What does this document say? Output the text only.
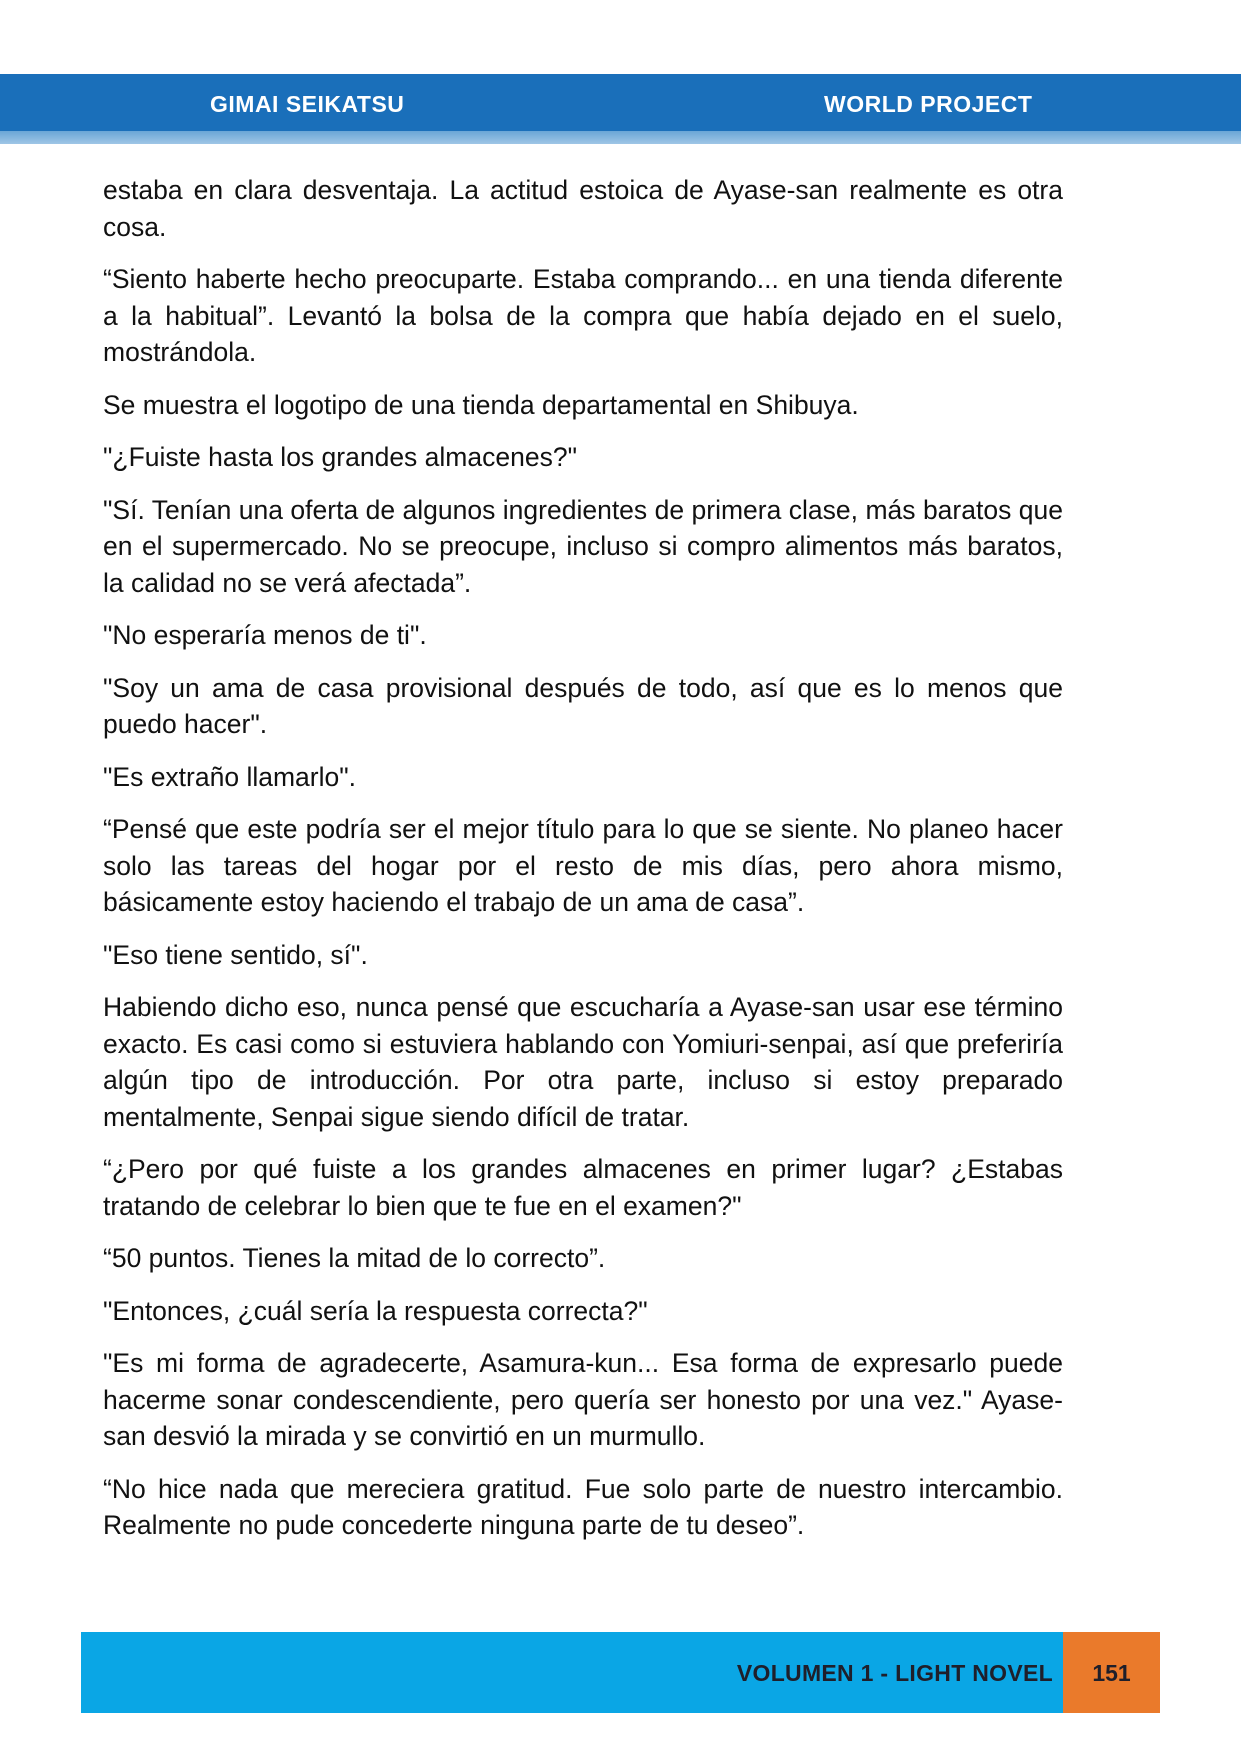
GIMAI SEIKATSU	WORLD PROJECT

estaba en clara desventaja. La actitud estoica de Ayase-san realmente es otra cosa.

“Siento haberte hecho preocuparte. Estaba comprando... en una tienda diferente a la habitual”. Levantó la bolsa de la compra que había dejado en el suelo, mostrándola.

Se muestra el logotipo de una tienda departamental en Shibuya.

"¿Fuiste hasta los grandes almacenes?"

"Sí. Tenían una oferta de algunos ingredientes de primera clase, más baratos que en el supermercado. No se preocupe, incluso si compro alimentos más baratos, la calidad no se verá afectada”.

"No esperaría menos de ti".

"Soy un ama de casa provisional después de todo, así que es lo menos que puedo hacer".

"Es extraño llamarlo".

“Pensé que este podría ser el mejor título para lo que se siente. No planeo hacer solo las tareas del hogar por el resto de mis días, pero ahora mismo, básicamente estoy haciendo el trabajo de un ama de casa”.

"Eso tiene sentido, sí".

Habiendo dicho eso, nunca pensé que escucharía a Ayase-san usar ese término exacto. Es casi como si estuviera hablando con Yomiuri-senpai, así que preferiría algún tipo de introducción. Por otra parte, incluso si estoy preparado mentalmente, Senpai sigue siendo difícil de tratar.

“¿Pero por qué fuiste a los grandes almacenes en primer lugar? ¿Estabas tratando de celebrar lo bien que te fue en el examen?"

“50 puntos. Tienes la mitad de lo correcto”.

"Entonces, ¿cuál sería la respuesta correcta?"

"Es mi forma de agradecerte, Asamura-kun... Esa forma de expresarlo puede hacerme sonar condescendiente, pero quería ser honesto por una vez." Ayase-san desvió la mirada y se convirtió en un murmullo.

“No hice nada que mereciera gratitud. Fue solo parte de nuestro intercambio. Realmente no pude concederte ninguna parte de tu deseo”.

VOLUMEN 1 - LIGHT NOVEL	151
